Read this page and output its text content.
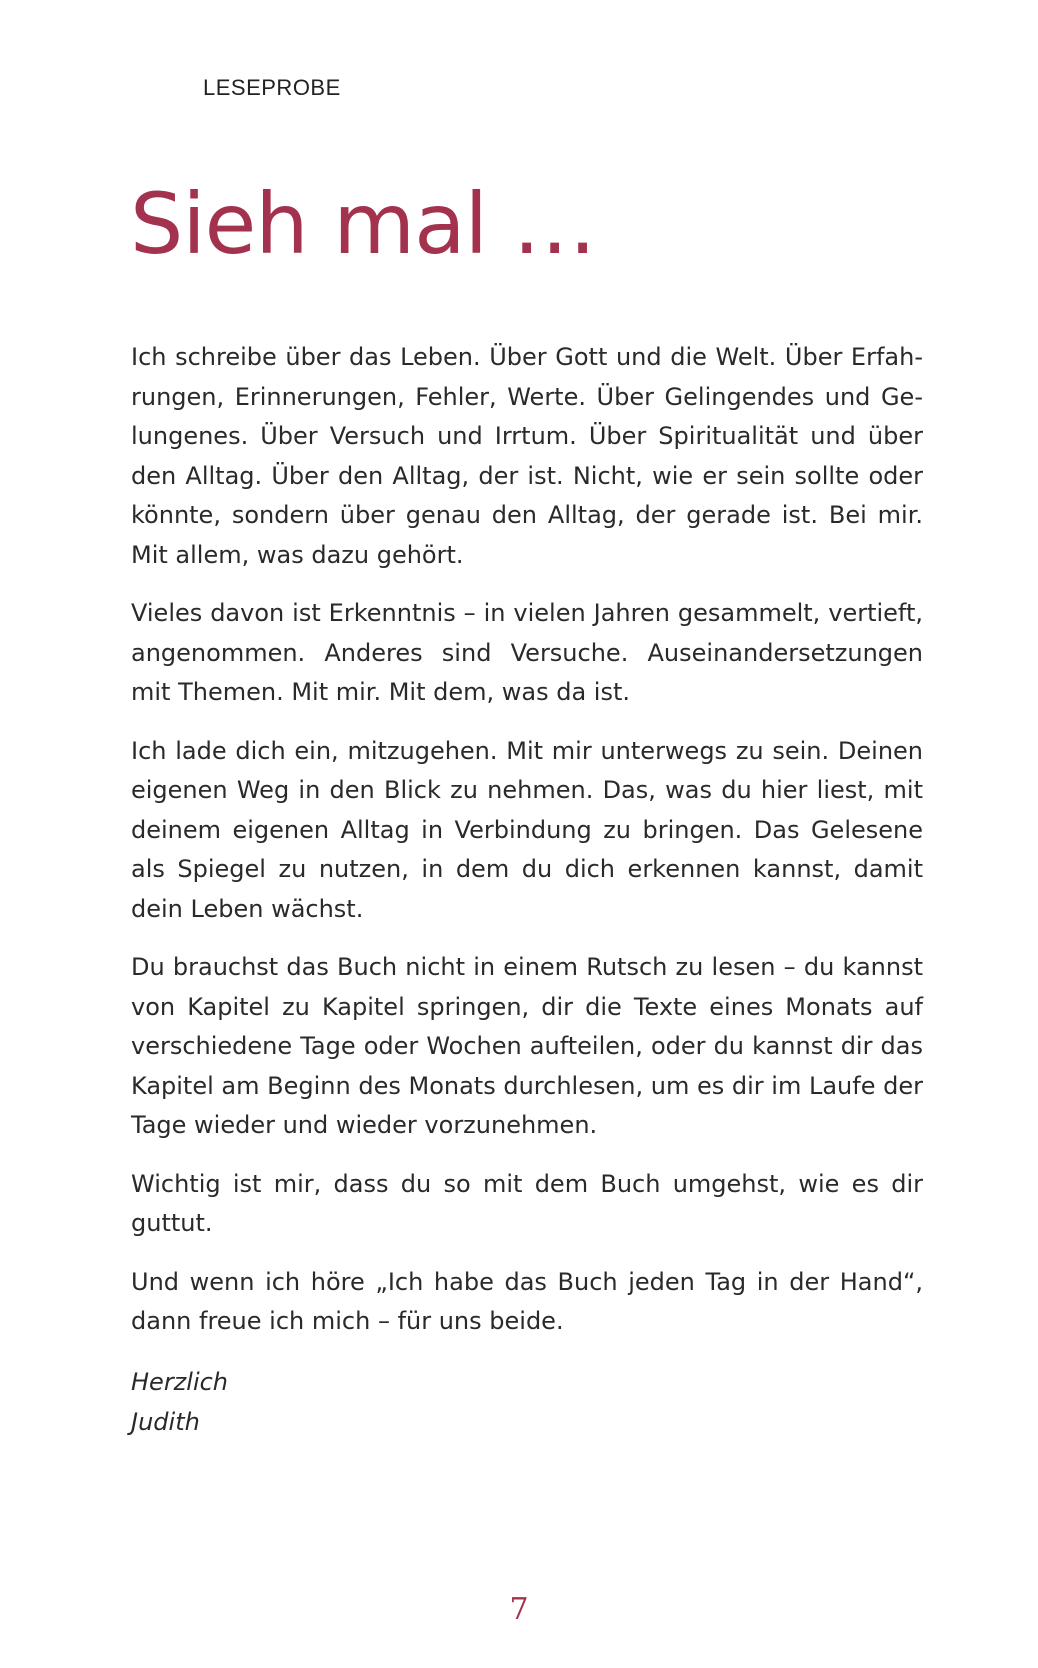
LESEPROBE
Sieh mal …

Ich schreibe über das Leben. Über Gott und die Welt. Über Erfahrungen, Erinnerungen, Fehler, Werte. Über Gelingendes und Gelungenes. Über Versuch und Irrtum. Über Spiritualität und über den Alltag. Über den Alltag, der ist. Nicht, wie er sein sollte oder könnte, sondern über genau den Alltag, der gerade ist. Bei mir. Mit allem, was dazu gehört.

Vieles davon ist Erkenntnis – in vielen Jahren gesammelt, vertieft, angenommen. Anderes sind Versuche. Auseinandersetzungen mit Themen. Mit mir. Mit dem, was da ist.

Ich lade dich ein, mitzugehen. Mit mir unterwegs zu sein. Deinen eigenen Weg in den Blick zu nehmen. Das, was du hier liest, mit deinem eigenen Alltag in Verbindung zu bringen. Das Gelesene als Spiegel zu nutzen, in dem du dich erkennen kannst, damit dein Leben wächst.

Du brauchst das Buch nicht in einem Rutsch zu lesen – du kannst von Kapitel zu Kapitel springen, dir die Texte eines Monats auf verschiedene Tage oder Wochen aufteilen, oder du kannst dir das Kapitel am Beginn des Monats durchlesen, um es dir im Laufe der Tage wieder und wieder vorzunehmen.

Wichtig ist mir, dass du so mit dem Buch umgehst, wie es dir guttut.

Und wenn ich höre „Ich habe das Buch jeden Tag in der Hand“, dann freue ich mich – für uns beide.

Herzlich
Judith
7
